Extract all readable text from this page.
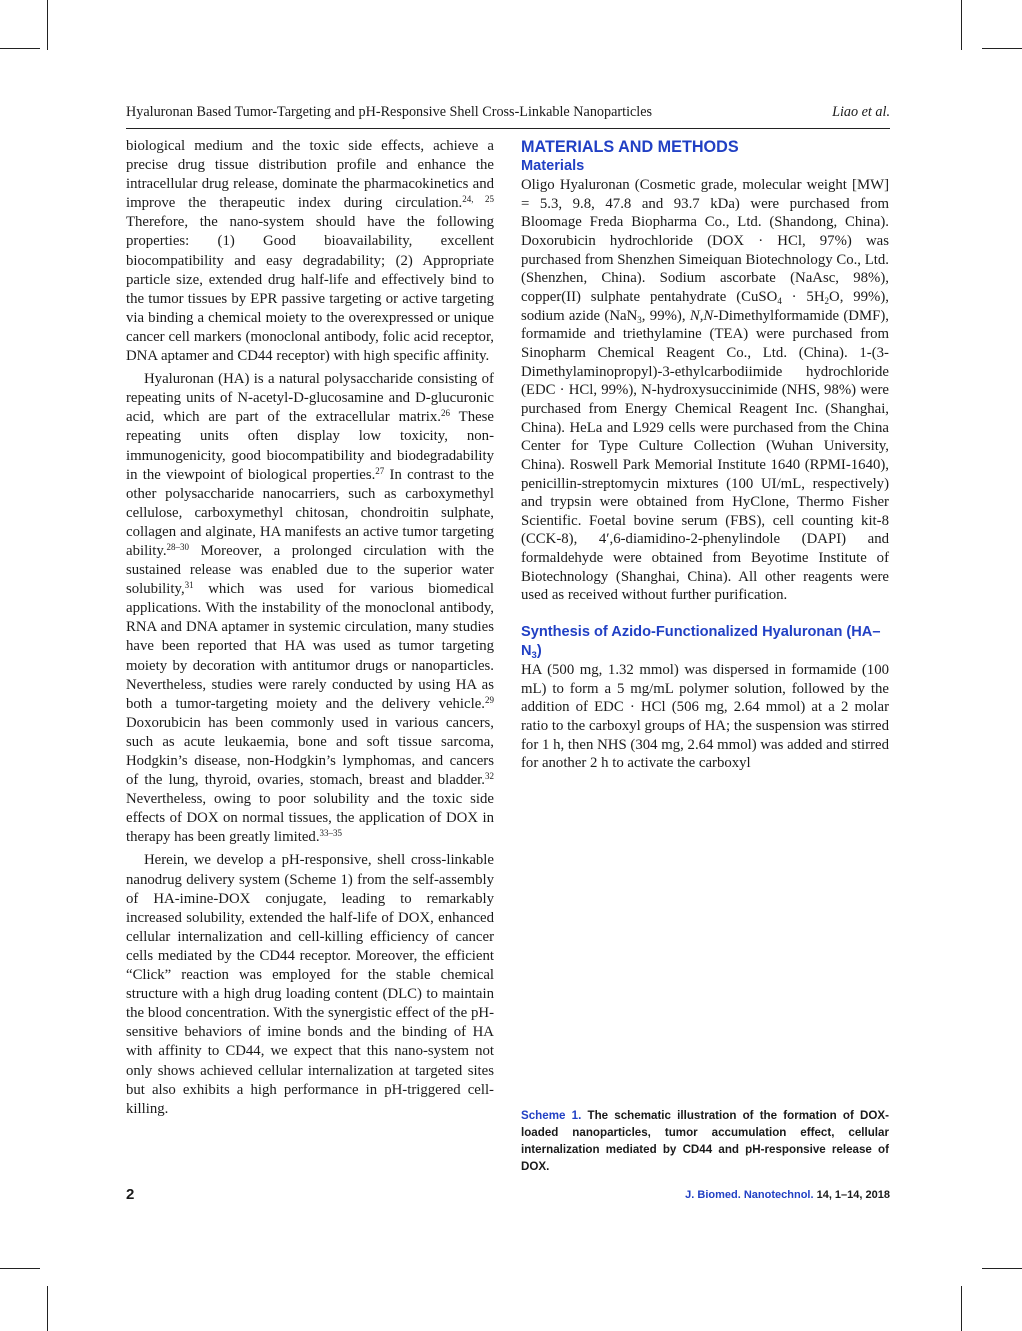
Hyaluronan Based Tumor-Targeting and pH-Responsive Shell Cross-Linkable Nanoparticles	Liao et al.

biological medium and the toxic side effects, achieve a precise drug tissue distribution profile and enhance the intracellular drug release, dominate the pharmacokinetics and improve the therapeutic index during circulation.$^{24, 25}$ Therefore, the nano-system should have the following properties: (1) Good bioavailability, excellent biocompatibility and easy degradability; (2) Appropriate particle size, extended drug half-life and effectively bind to the tumor tissues by EPR passive targeting or active targeting via binding a chemical moiety to the overexpressed or unique cancer cell markers (monoclonal antibody, folic acid receptor, DNA aptamer and CD44 receptor) with high specific affinity.

Hyaluronan (HA) is a natural polysaccharide consisting of repeating units of N-acetyl-D-glucosamine and D-glucuronic acid, which are part of the extracellular matrix.$^{26}$ These repeating units often display low toxicity, non-immunogenicity, good biocompatibility and biodegradability in the viewpoint of biological properties.$^{27}$ In contrast to the other polysaccharide nanocarriers, such as carboxymethyl cellulose, carboxymethyl chitosan, chondroitin sulphate, collagen and alginate, HA manifests an active tumor targeting ability.$^{28-30}$ Moreover, a prolonged circulation with the sustained release was enabled due to the superior water solubility,$^{31}$ which was used for various biomedical applications. With the instability of the monoclonal antibody, RNA and DNA aptamer in systemic circulation, many studies have been reported that HA was used as tumor targeting moiety by decoration with antitumor drugs or nanoparticles. Nevertheless, studies were rarely conducted by using HA as both a tumor-targeting moiety and the delivery vehicle.$^{29}$ Doxorubicin has been commonly used in various cancers, such as acute leukaemia, bone and soft tissue sarcoma, Hodgkin’s disease, non-Hodgkin’s lymphomas, and cancers of the lung, thyroid, ovaries, stomach, breast and bladder.$^{32}$ Nevertheless, owing to poor solubility and the toxic side effects of DOX on normal tissues, the application of DOX in therapy has been greatly limited.$^{33-35}$

Herein, we develop a pH-responsive, shell cross-linkable nanodrug delivery system (Scheme 1) from the self-assembly of HA-imine-DOX conjugate, leading to remarkably increased solubility, extended the half-life of DOX, enhanced cellular internalization and cell-killing efficiency of cancer cells mediated by the CD44 receptor. Moreover, the efficient “Click” reaction was employed for the stable chemical structure with a high drug loading content (DLC) to maintain the blood concentration. With the synergistic effect of the pH-sensitive behaviors of imine bonds and the binding of HA with affinity to CD44, we expect that this nano-system not only shows achieved cellular internalization at targeted sites but also exhibits a high performance in pH-triggered cell-killing.

MATERIALS AND METHODS
Materials

Oligo Hyaluronan (Cosmetic grade, molecular weight [MW] = 5.3, 9.8, 47.8 and 93.7 kDa) were purchased from Bloomage Freda Biopharma Co., Ltd. (Shandong, China). Doxorubicin hydrochloride (DOX · HCl, 97%) was purchased from Shenzhen Simeiquan Biotechnology Co., Ltd. (Shenzhen, China). Sodium ascorbate (NaAsc, 98%), copper(II) sulphate pentahydrate (CuSO$_4$ · $5H_2O$, 99%), sodium azide (NaN$_3$, 99%), N,N-Dimethylformamide (DMF), formamide and triethylamine (TEA) were purchased from Sinopharm Chemical Reagent Co., Ltd. (China). 1-(3-Dimethylaminopropyl)-3-ethylcarbodiimide hydrochloride (EDC · HCl, 99%), N-hydroxysuccinimide (NHS, 98%) were purchased from Energy Chemical Reagent Inc. (Shanghai, China). HeLa and L929 cells were purchased from the China Center for Type Culture Collection (Wuhan University, China). Roswell Park Memorial Institute 1640 (RPMI-1640), penicillin-streptomycin mixtures (100 UI/mL, respectively) and trypsin were obtained from HyClone, Thermo Fisher Scientific. Foetal bovine serum (FBS), cell counting kit-8 (CCK-8), 4′,6-diamidino-2-phenylindole (DAPI) and formaldehyde were obtained from Beyotime Institute of Biotechnology (Shanghai, China). All other reagents were used as received without further purification.

Synthesis of Azido-Functionalized Hyaluronan $(HA-N_3)$

HA (500 mg, 1.32 mmol) was dispersed in formamide (100 mL) to form a 5 mg/mL polymer solution, followed by the addition of EDC · HCl (506 mg, 2.64 mmol) at a 2 molar ratio to the carboxyl groups of HA; the suspension was stirred for 1 h, then NHS (304 mg, 2.64 mmol) was added and stirred for another 2 h to activate the carboxyl

Scheme 1. The schematic illustration of the formation of DOX-loaded nanoparticles, tumor accumulation effect, cellular internalization mediated by CD44 and pH-responsive release of DOX.
2	J. Biomed. Nanotechnol. 14, 1–14, 2018
